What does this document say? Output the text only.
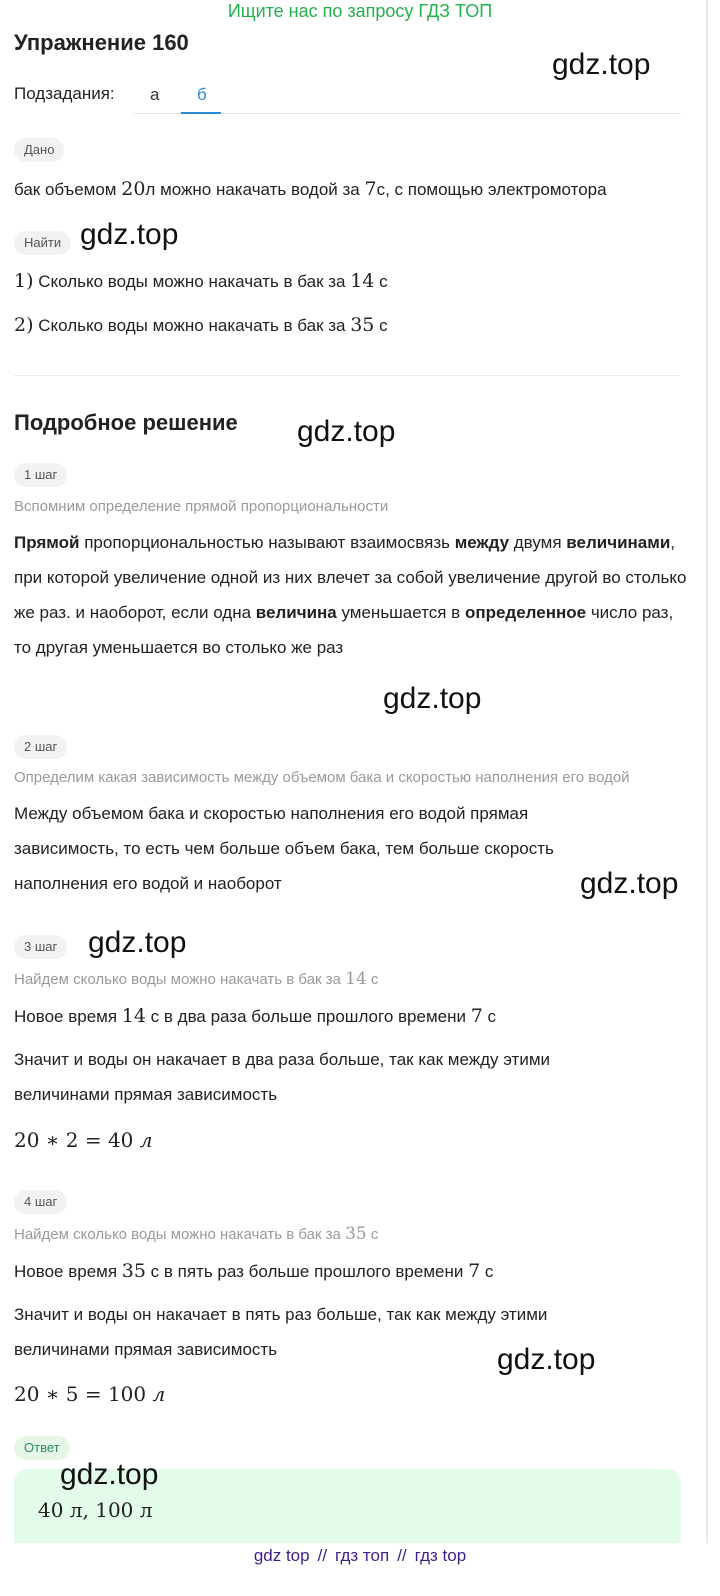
Ищите нас по запросу ГДЗ ТОП
Упражнение 160
Подзадания: а б
Дано
бак объемом 20л можно накачать водой за 7с, с помощью электромотора
Найти
1) Сколько воды можно накачать в бак за 14 с
2) Сколько воды можно накачать в бак за 35 с
Подробное решение
1 шаг
Вспомним определение прямой пропорциональности
Прямой пропорциональностью называют взаимосвязь между двумя величинами, при которой увеличение одной из них влечет за собой увеличение другой во столько же раз. и наоборот, если одна величина уменьшается в определенное число раз, то другая уменьшается во столько же раз
2 шаг
Определим какая зависимость между объемом бака и скоростью наполнения его водой
Между объемом бака и скоростью наполнения его водой прямая зависимость, то есть чем больше объем бака, тем больше скорость наполнения его водой и наоборот
3 шаг
Найдем сколько воды можно накачать в бак за 14 с
Новое время 14 с в два раза больше прошлого времени 7 с
Значит и воды он накачает в два раза больше, так как между этими величинами прямая зависимость
20 ∗ 2 = 40 л
4 шаг
Найдем сколько воды можно накачать в бак за 35 с
Новое время 35 с в пять раз больше прошлого времени 7 с
Значит и воды он накачает в пять раз больше, так как между этими величинами прямая зависимость
20 ∗ 5 = 100 л
Ответ
40 л, 100 л
gdz.top
gdz.top
gdz.top
gdz.top
gdz.top
gdz.top
gdz.top
gdz.top
gdz top // гдз топ // гдз top
